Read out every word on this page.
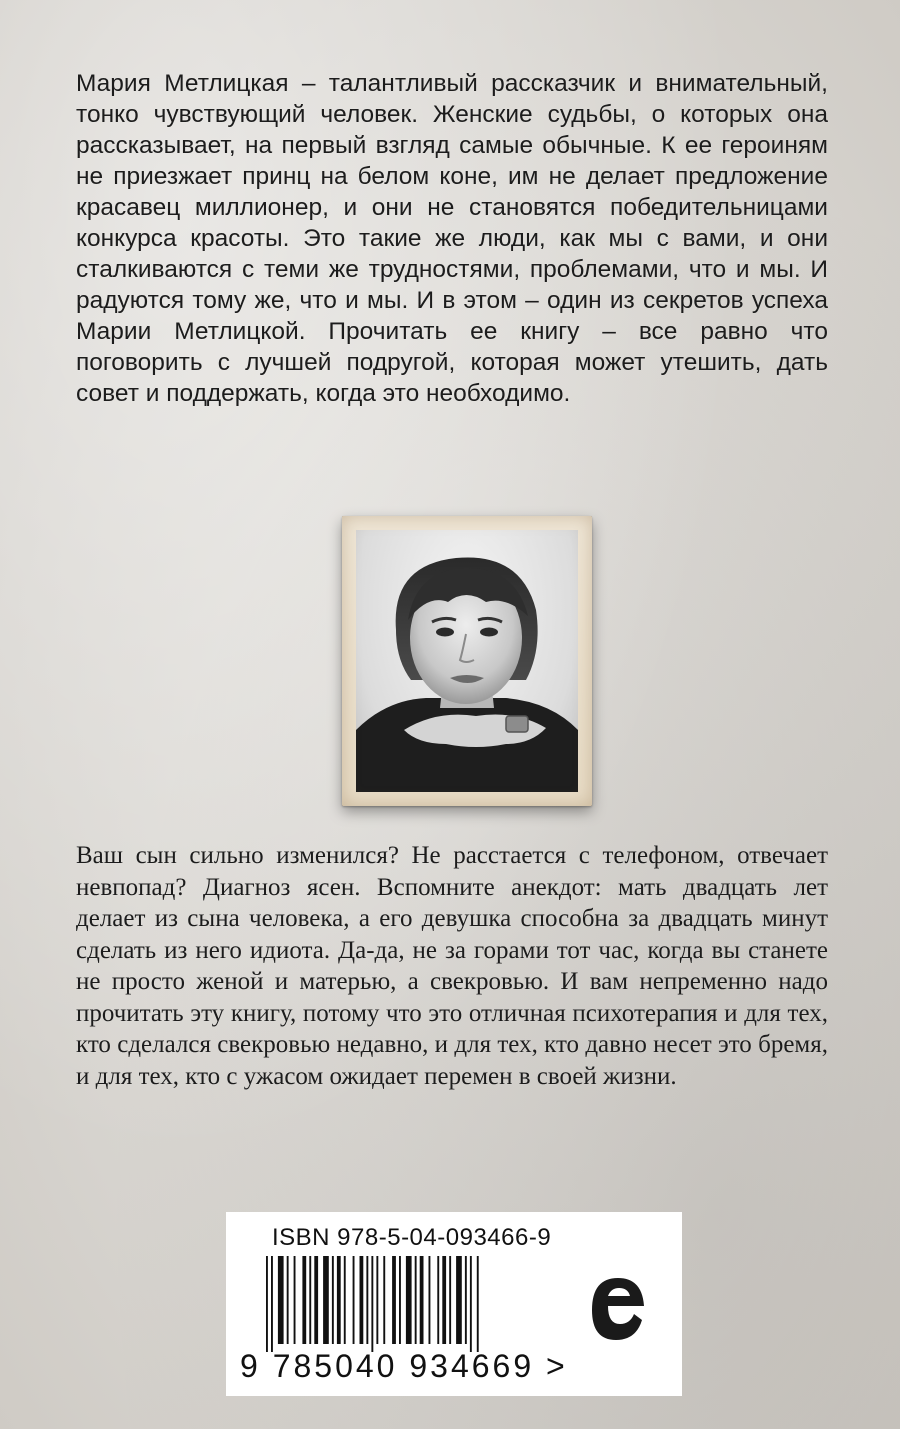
Мария Метлицкая – талантливый рассказчик и внимательный, тонко чувствующий человек. Женские судьбы, о которых она рассказывает, на первый взгляд самые обычные. К ее героиням не приезжает принц на белом коне, им не делает предложение красавец миллионер, и они не становятся победительницами конкурса красоты. Это такие же люди, как мы с вами, и они сталкиваются с теми же трудностями, проблемами, что и мы. И радуются тому же, что и мы. И в этом – один из секретов успеха Марии Метлицкой. Прочитать ее книгу – все равно что поговорить с лучшей подругой, которая может утешить, дать совет и поддержать, когда это необходимо.

Ваш сын сильно изменился? Не расстается с телефоном, отвечает невпопад? Диагноз ясен. Вспомните анекдот: мать двадцать лет делает из сына человека, а его девушка способна за двадцать минут сделать из него идиота. Да-да, не за горами тот час, когда вы станете не просто женой и матерью, а свекровью. И вам непременно надо прочитать эту книгу, потому что это отличная психотерапия и для тех, кто сделался свекровью недавно, и для тех, кто давно несет это бремя, и для тех, кто с ужасом ожидает перемен в своей жизни.

ISBN 978-5-04-093466-9
9 785040 934669 >
